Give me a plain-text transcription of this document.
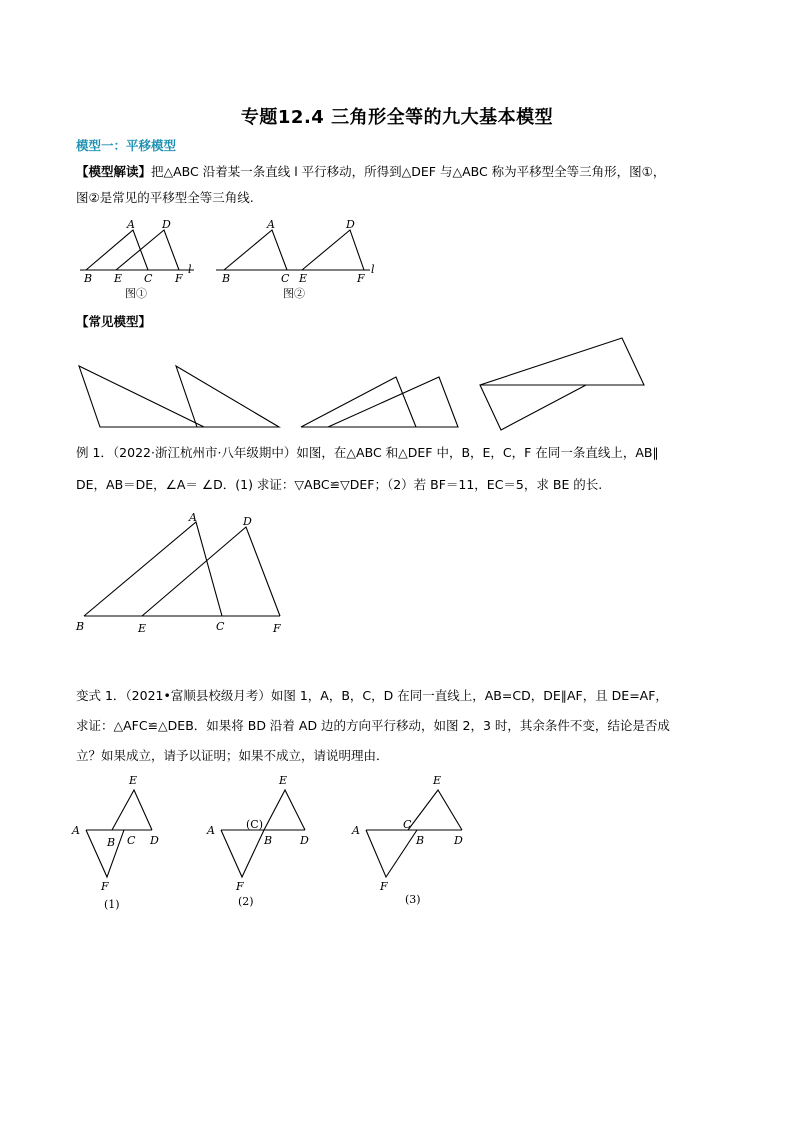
专题12.4 三角形全等的九大基本模型
模型一：平移模型
【模型解读】把△ABC 沿着某一条直线 l 平行移动，所得到△DEF 与△ABC 称为平移型全等三角形，图①，
图②是常见的平移型全等三角线.
A D
B E C F
l
图①
A	D
B	C E	F
l
图②
【常见模型】
例 1．（2022·浙江杭州市·八年级期中）如图，在△ABC 和△DEF 中，B，E，C，F 在同一条直线上，AB∥
DE，AB＝DE，∠A＝ ∠D．(1) 求证：▽ABC≌▽DEF；（2）若 BF＝11，EC＝5，求 BE 的长.
A	D
B	E	C	F
变式 1．（2021•富顺县校级月考）如图 1，A，B，C，D 在同一直线上，AB=CD，DE∥AF，且 DE=AF，
求证：△AFC≌△DEB．如果将 BD 沿着 AD 边的方向平行移动，如图 2，3 时，其余条件不变，结论是否成
立？如果成立，请予以证明；如果不成立，请说明理由．
E
A
B C D
F
(1)
E
A	(C)
B	D
F
(2)
E
A	C
B	D
F
(3)
